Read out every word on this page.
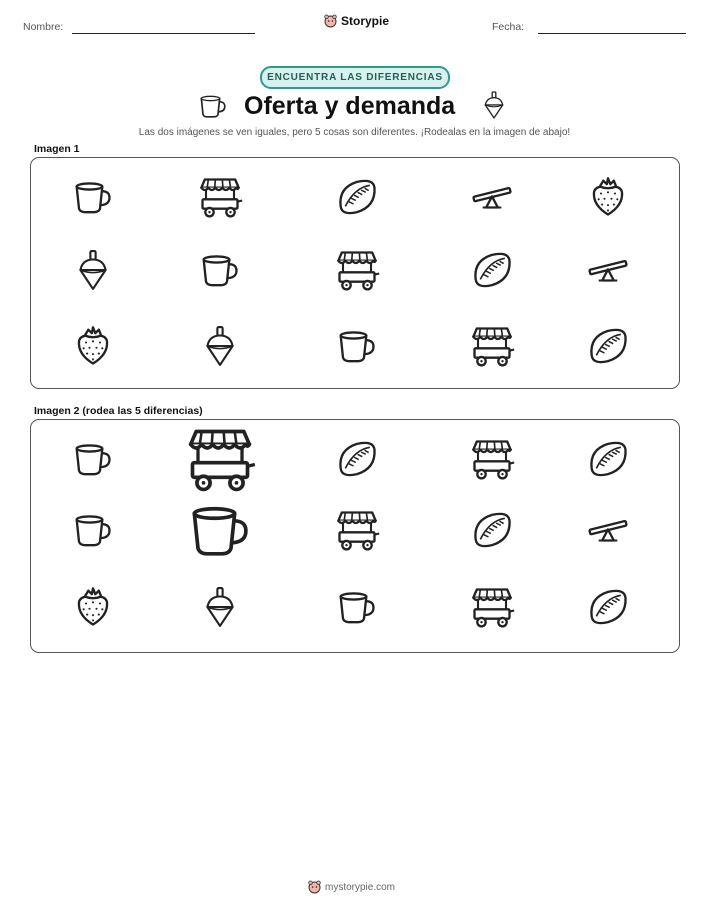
Nombre:	Storypie	Fecha:
ENCUENTRA LAS DIFERENCIAS
Oferta y demanda
Las dos imágenes se ven iguales, pero 5 cosas son diferentes. ¡Rodealas en la imagen de abajo!
Imagen 1
Imagen 2 (rodea las 5 diferencias)
mystorypie.com
